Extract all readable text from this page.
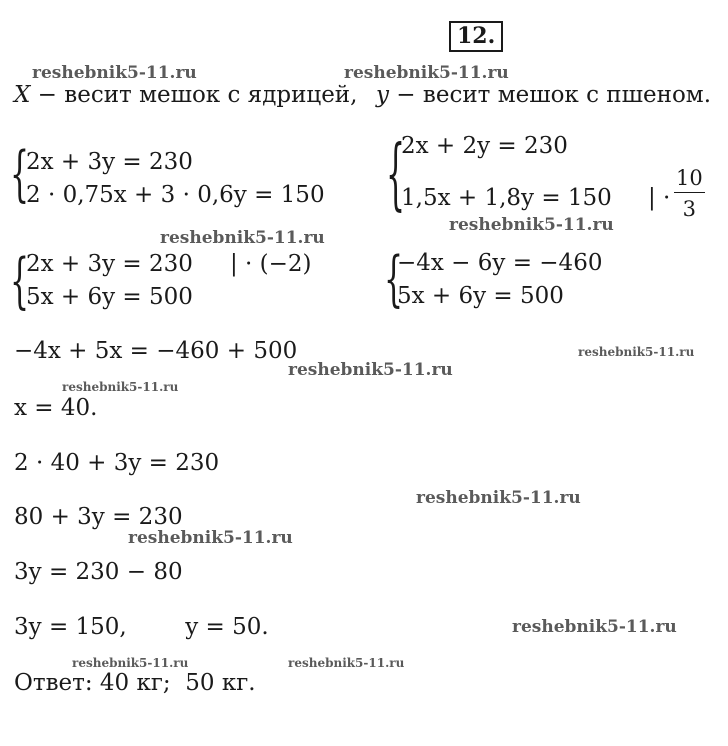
12.
reshebnik5-11.ru	reshebnik5-11.ru
reshebnik5-11.ru
reshebnik5-11.ru
reshebnik5-11.ru
reshebnik5-11.ru
reshebnik5-11.ru
reshebnik5-11.ru
reshebnik5-11.ru
reshebnik5-11.ru
reshebnik5-11.ru	reshebnik5-11.ru
X − весит мешок с ядрицей, y − весит мешок с пшеном.
{
2x + 3y = 230
2 · 0,75x + 3 · 0,6y = 150 {
2x + 2y = 230
1,5x + 1,8y = 150 | · $\frac{10}{3}$
{
2x + 3y = 230 | · (−2)
5x + 6y = 500	{
−4x − 6y = −460
5x + 6y = 500
−4x + 5x = −460 + 500
x = 40.
2 · 40 + 3y = 230
80 + 3y = 230
3y = 230 − 80
3y = 150,        y = 50.
Ответ: 40 кг;  50 кг.
